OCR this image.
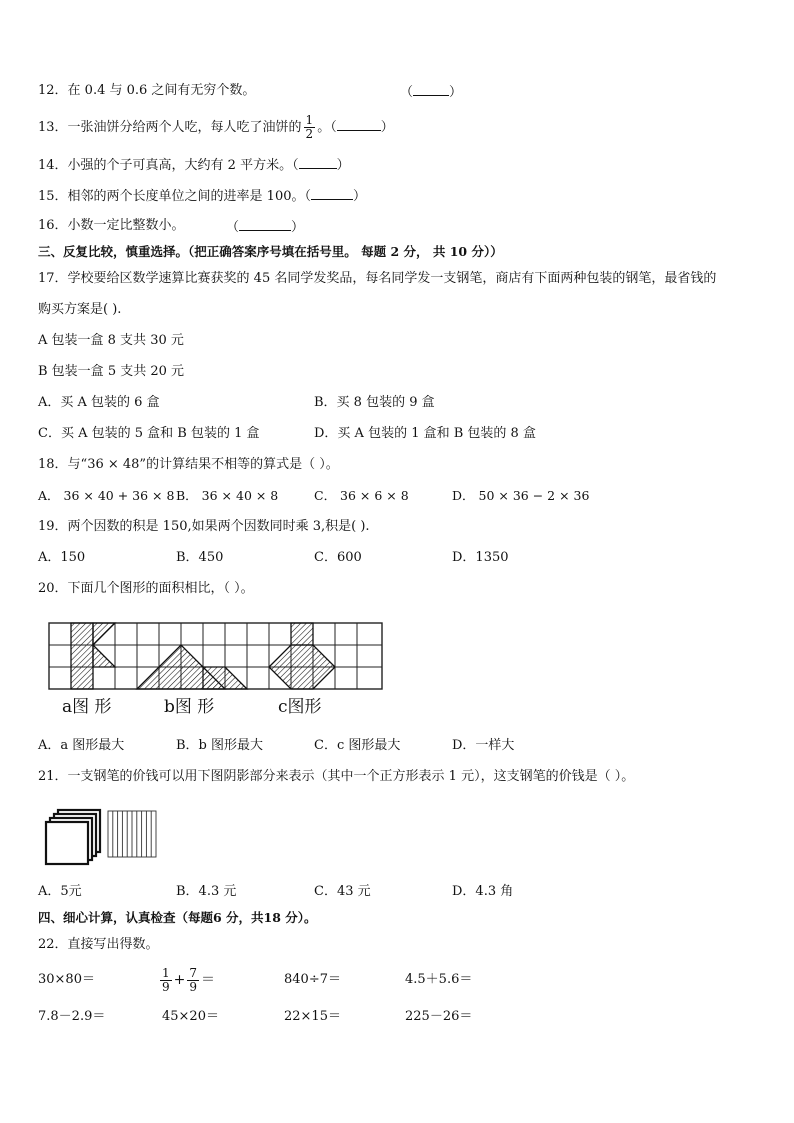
12．在 0.4 与 0.6 之间有无穷个数。	（	）
13．一张油饼分给两个人吃，每人吃了油饼的 $\frac{1}{2}$ 。（	）
14．小强的个子可真高，大约有 2 平方米。（	）
15．相邻的两个长度单位之间的进率是 100。（	）
16．小数一定比整数小。	（	）
三、反复比较，慎重选择。（把正确答案序号填在括号里。 每题 2 分， 共 10 分））
17．学校要给区数学速算比赛获奖的 45 名同学发奖品，每名同学发一支钢笔，商店有下面两种包装的钢笔，最省钱的
购买方案是( ).
A 包装一盒 8 支共 30 元
B 包装一盒 5 支共 20 元
A．买 A 包装的 6 盒	B．买 8 包装的 9 盒
C．买 A 包装的 5 盒和 B 包装的 1 盒	D．买 A 包装的 1 盒和 B 包装的 8 盒
18．与“36 × 48”的计算结果不相等的算式是（ ）。
A． 36 × 40 + 36 × 8 B． 36 × 40 × 8	C． 36 × 6 × 8	D． 50 × 36 − 2 × 36
19．两个因数的积是 150,如果两个因数同时乘 3,积是( ).
A．150	B．450	C．600	D．1350
20．下面几个图形的面积相比，（ ）。
a图 形	b图 形	c图形
A．a 图形最大	B．b 图形最大	C．c 图形最大	D．一样大
21．一支钢笔的价钱可以用下图阴影部分来表示（其中一个正方形表示 1 元），这支钢笔的价钱是（ ）。
A．5元	B．4.3 元	C．43 元	D．4.3 角
四、细心计算，认真检查（每题6 分，共18 分）。
22．直接写出得数。
30×80＝	$\frac{1}{9} + \frac{7}{9}$ ＝	840÷7＝	4.5＋5.6＝
7.8－2.9＝	45×20＝	22×15＝	225－26＝
